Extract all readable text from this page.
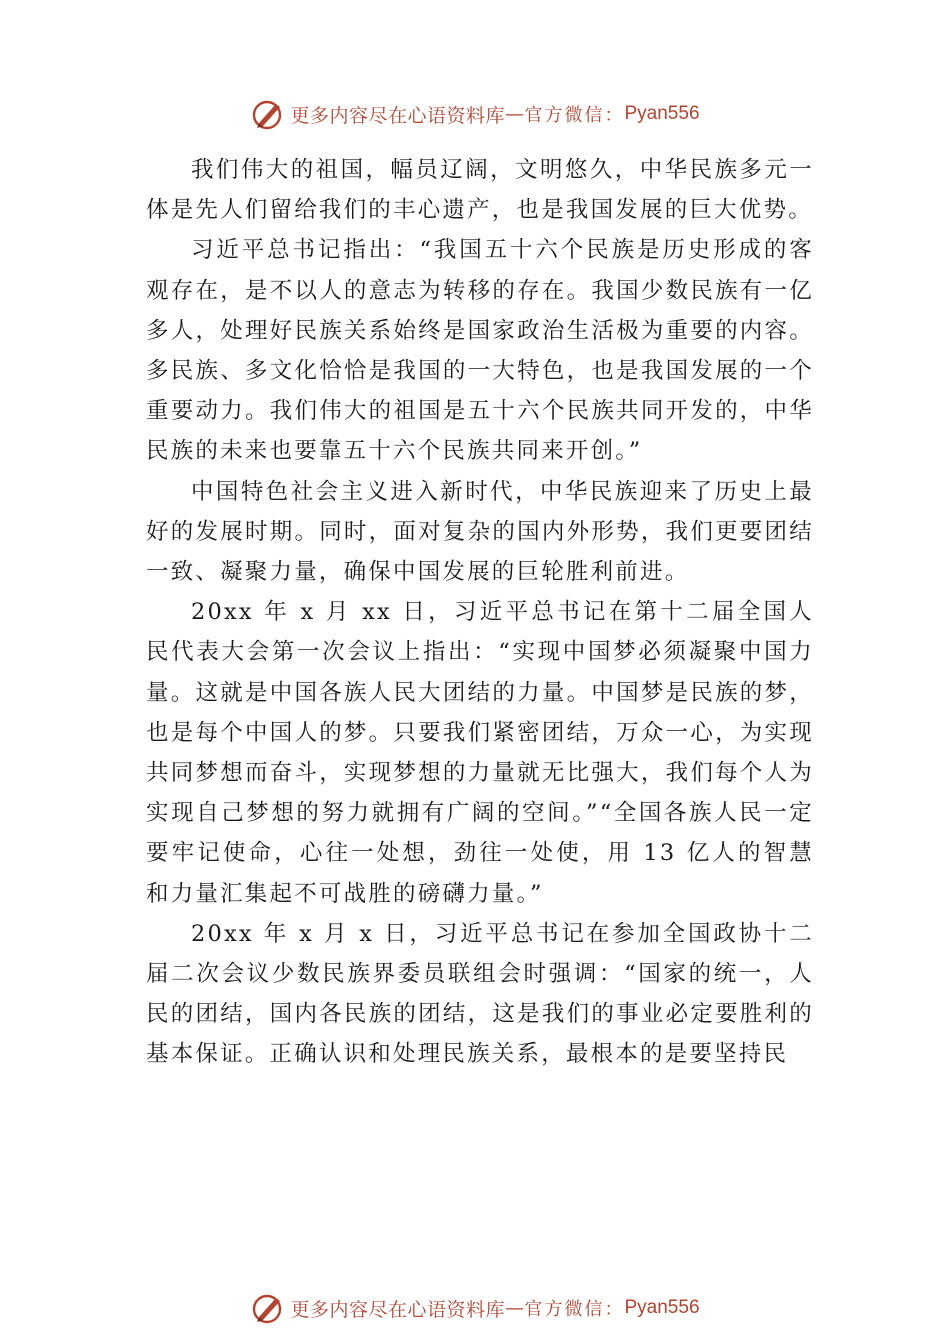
更多内容尽在心语资料库 — 官方微信： Pyan556

我们伟大的祖国，幅员辽阔，文明悠久，中华民族多元一体是先人们留给我们的丰心遗产，也是我国发展的巨大优势。

习近平总书记指出：“我国五十六个民族是历史形成的客观存在，是不以人的意志为转移的存在。我国少数民族有一亿多人，处理好民族关系始终是国家政治生活极为重要的内容。多民族、多文化恰恰是我国的一大特色，也是我国发展的一个重要动力。我们伟大的祖国是五十六个民族共同开发的，中华民族的未来也要靠五十六个民族共同来开创。”

中国特色社会主义进入新时代，中华民族迎来了历史上最好的发展时期。同时，面对复杂的国内外形势，我们更要团结一致、凝聚力量，确保中国发展的巨轮胜利前进。

20xx 年 x 月 xx 日，习近平总书记在第十二届全国人民代表大会第一次会议上指出：“实现中国梦必须凝聚中国力量。这就是中国各族人民大团结的力量。中国梦是民族的梦，也是每个中国人的梦。只要我们紧密团结，万众一心，为实现共同梦想而奋斗，实现梦想的力量就无比强大，我们每个人为实现自己梦想的努力就拥有广阔的空间。”“全国各族人民一定要牢记使命，心往一处想，劲往一处使，用 13 亿人的智慧和力量汇集起不可战胜的磅礴力量。”

20xx 年 x 月 x 日，习近平总书记在参加全国政协十二届二次会议少数民族界委员联组会时强调：“国家的统一，人民的团结，国内各民族的团结，这是我们的事业必定要胜利的基本保证。正确认识和处理民族关系，最根本的是要坚持民

更多内容尽在心语资料库 — 官方微信： Pyan556
